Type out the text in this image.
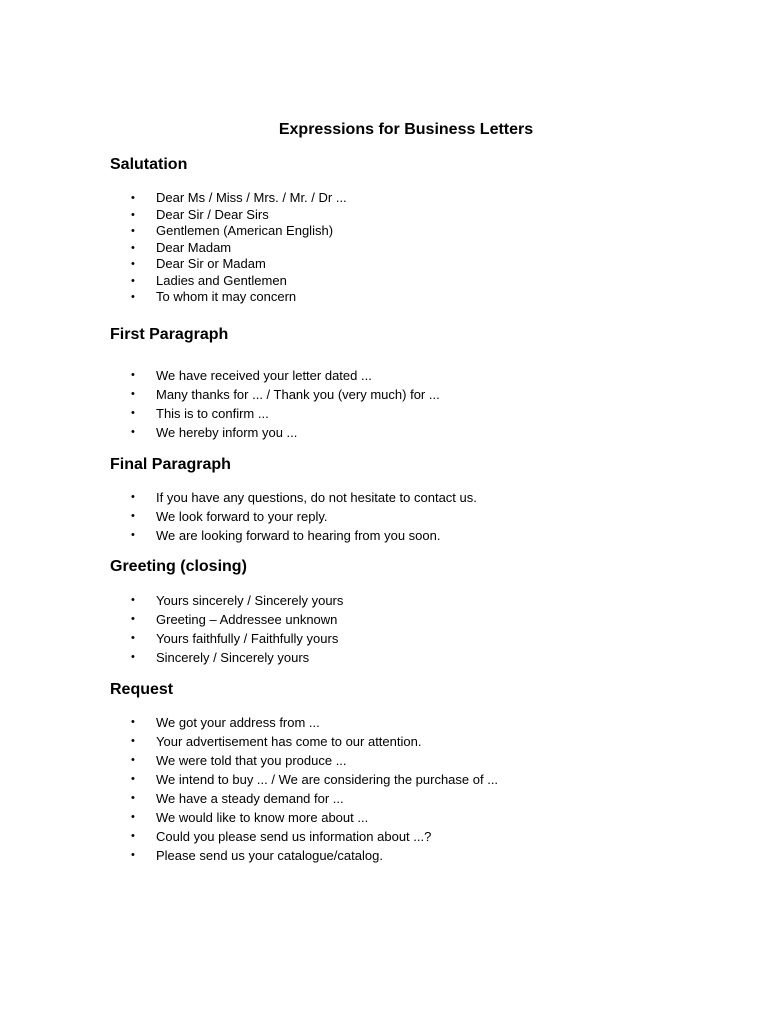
Expressions for Business Letters
Salutation
• Dear Ms / Miss / Mrs. / Mr. / Dr ...
• Dear Sir / Dear Sirs
• Gentlemen (American English)
• Dear Madam
• Dear Sir or Madam
• Ladies and Gentlemen
• To whom it may concern
First Paragraph
• We have received your letter dated ...
• Many thanks for ... / Thank you (very much) for ...
• This is to confirm ...
• We hereby inform you ...
Final Paragraph
• If you have any questions, do not hesitate to contact us.
• We look forward to your reply.
• We are looking forward to hearing from you soon.
Greeting (closing)
• Yours sincerely / Sincerely yours
• Greeting – Addressee unknown
• Yours faithfully / Faithfully yours
• Sincerely / Sincerely yours
Request
• We got your address from ...
• Your advertisement has come to our attention.
• We were told that you produce ...
• We intend to buy ... / We are considering the purchase of ...
• We have a steady demand for ...
• We would like to know more about ...
• Could you please send us information about ...?
• Please send us your catalogue/catalog.
